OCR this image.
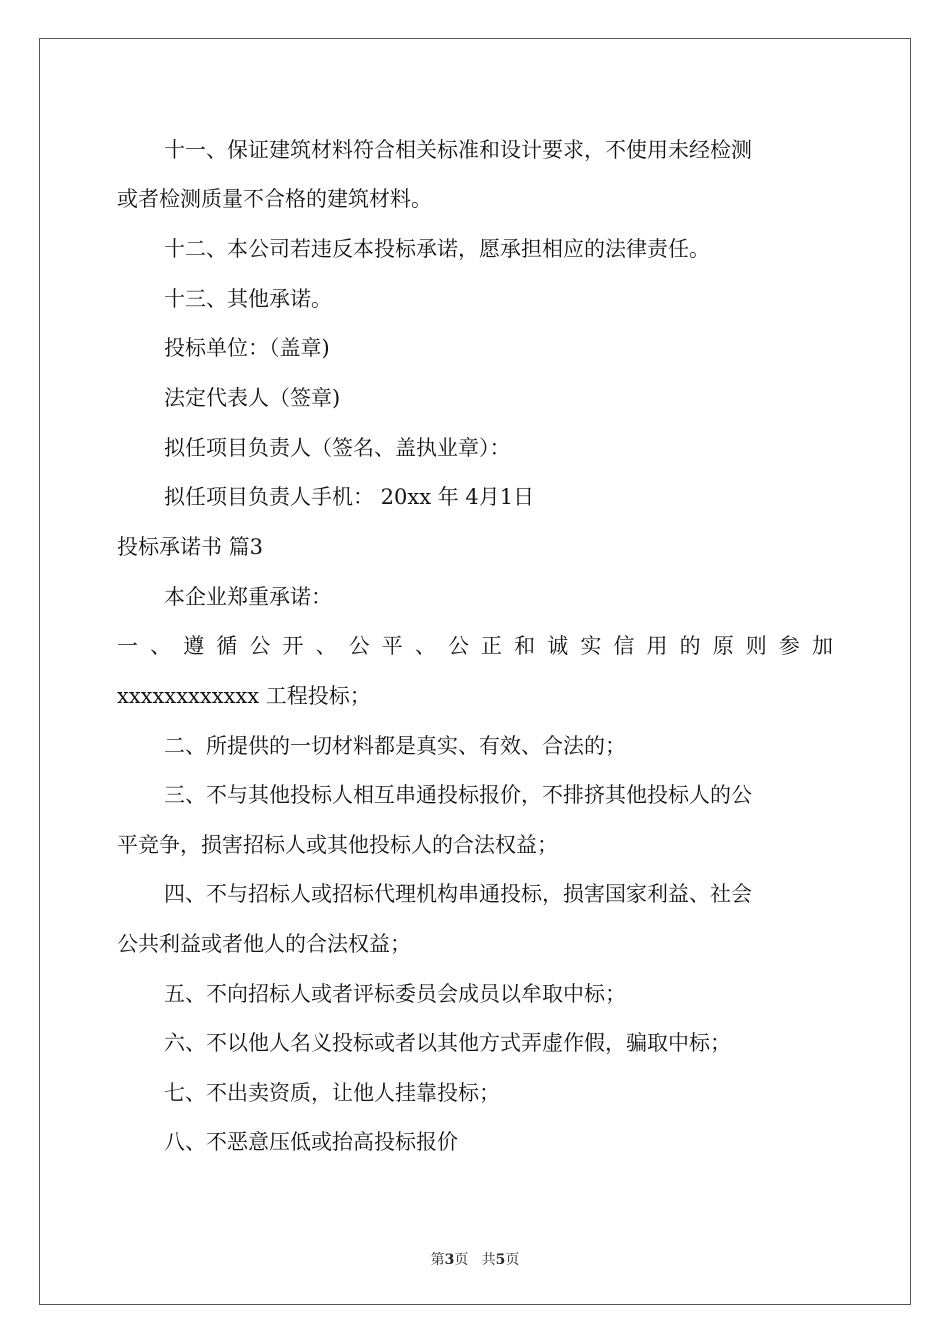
十一、保证建筑材料符合相关标准和设计要求，不使用未经检测
或者检测质量不合格的建筑材料。
十二、本公司若违反本投标承诺，愿承担相应的法律责任。
十三、其他承诺。
投标单位：（盖章)
法定代表人（签章)
拟任项目负责人（签名、盖执业章）：
拟任项目负责人手机： 20xx 年 4月1日
投标承诺书 篇3
本企业郑重承诺：
一、遵循公开、公平、公正和诚实信用的原则参加
xxxxxxxxxxxx 工程投标；
二、所提供的一切材料都是真实、有效、合法的；
三、不与其他投标人相互串通投标报价，不排挤其他投标人的公
平竞争，损害招标人或其他投标人的合法权益；
四、不与招标人或招标代理机构串通投标，损害国家利益、社会
公共利益或者他人的合法权益；
五、不向招标人或者评标委员会成员以牟取中标；
六、不以他人名义投标或者以其他方式弄虚作假，骗取中标；
七、不出卖资质，让他人挂靠投标；
八、不恶意压低或抬高投标报价
第3页 共5页
